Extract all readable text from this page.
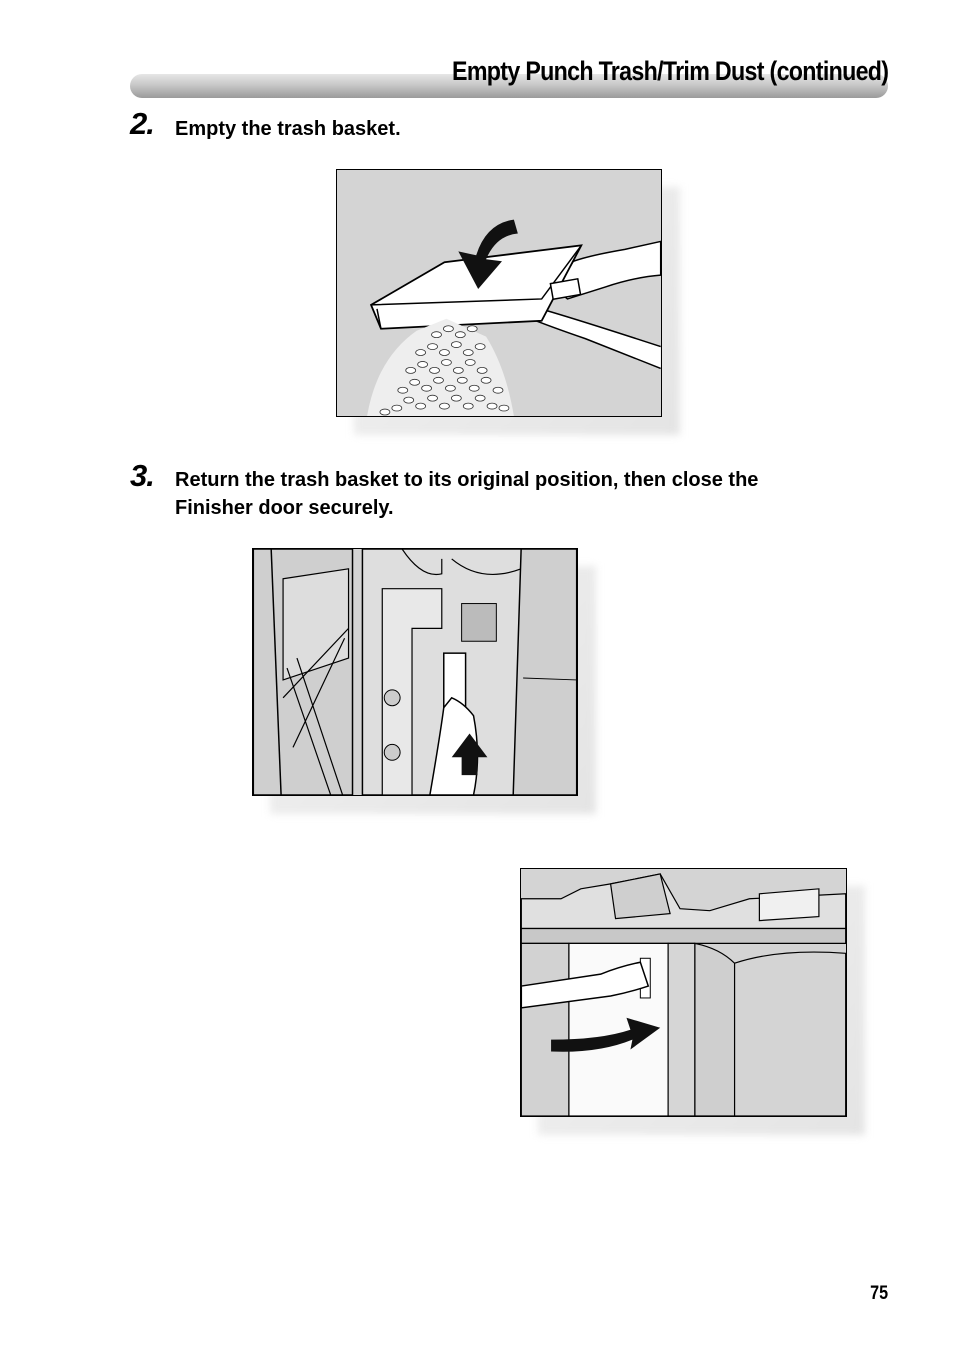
Empty Punch Trash/Trim Dust (continued)
2. Empty the trash basket.
3. Return the trash basket to its original position, then close the
Finisher door securely.
75
